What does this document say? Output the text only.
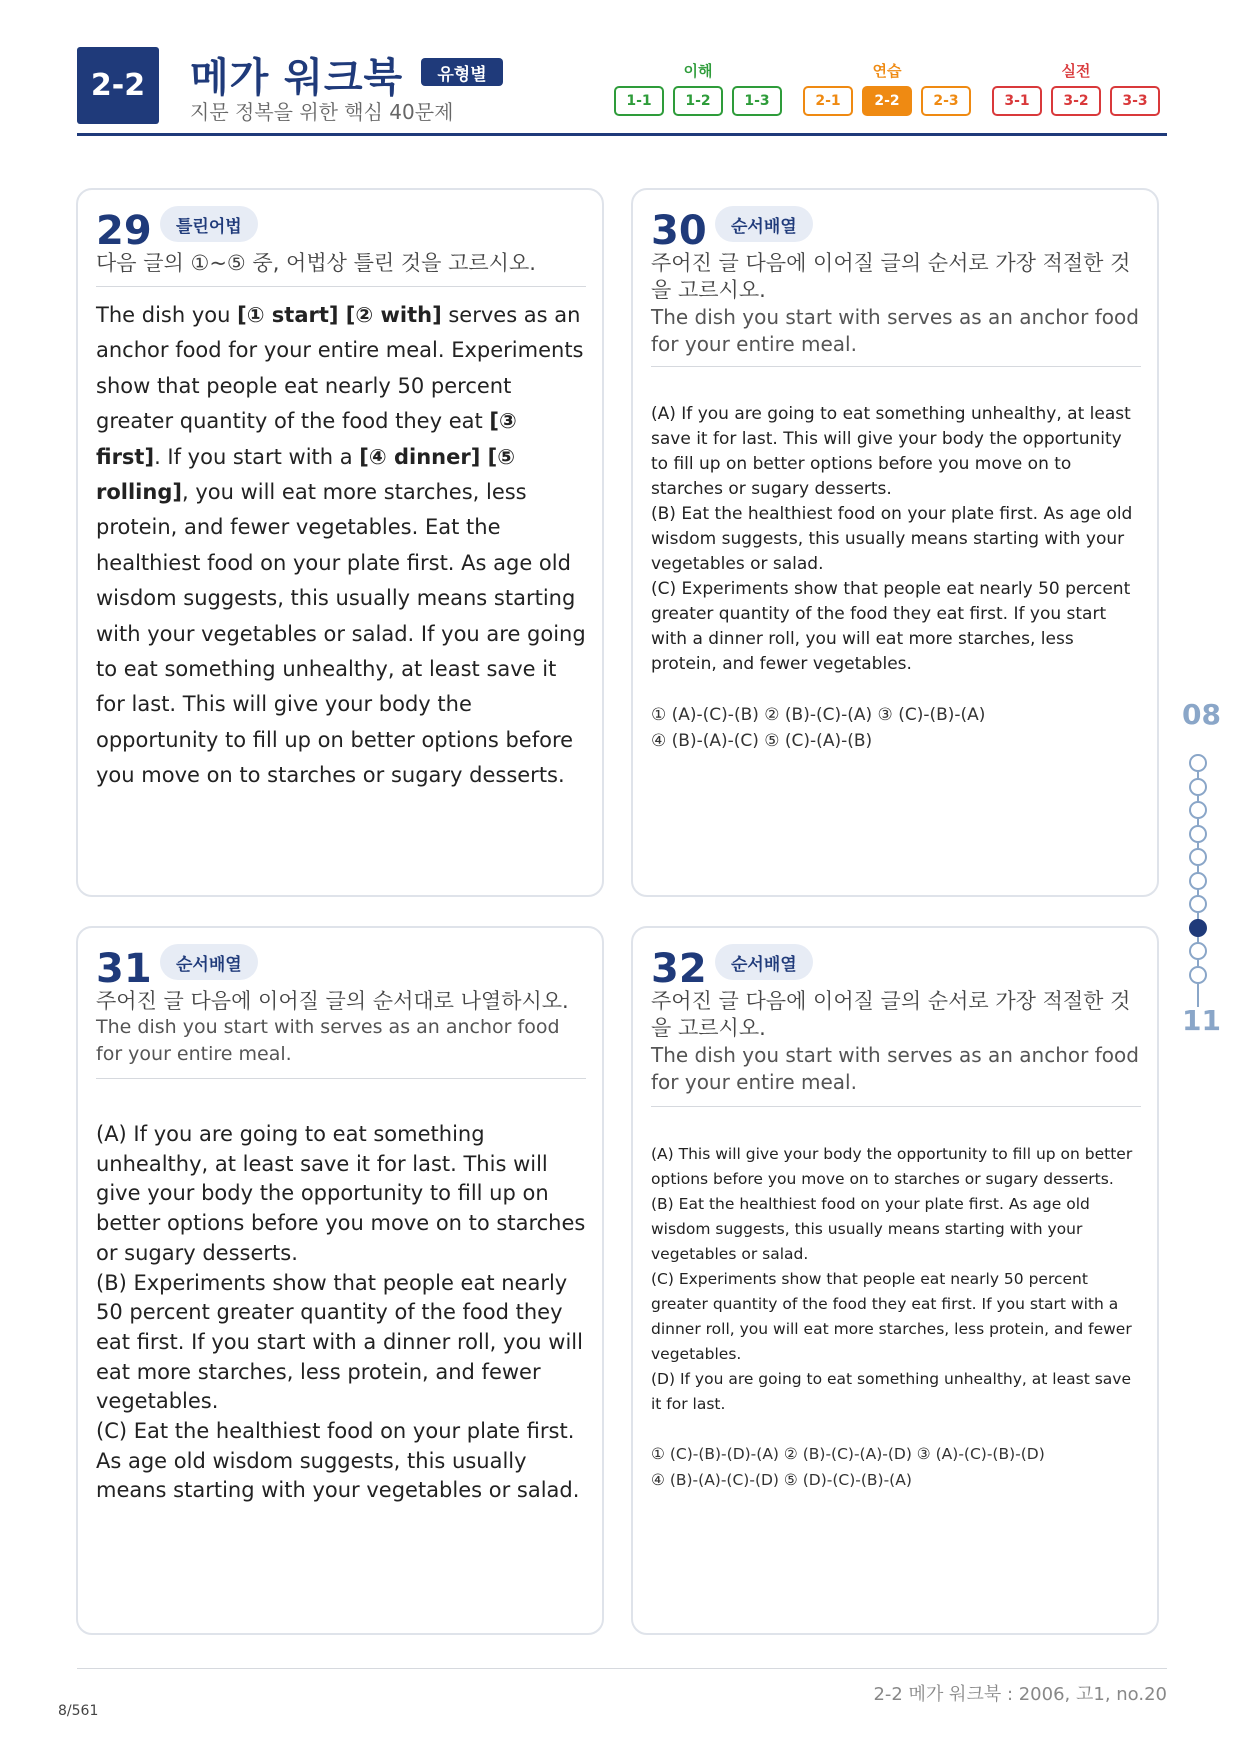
2-2	메가 워크북	유형별
지문 정복을 위한 핵심 40문제
이해
1-1	1-2	1-3
연습
2-1	2-2	2-3
실전
3-1	3-2	3-3
29	틀린어법
다음 글의 ①~⑤ 중, 어법상 틀린 것을 고르시오.
The dish you [① start] [② with] serves as an anchor food for your entire meal. Experiments show that people eat nearly 50 percent greater quantity of the food they eat [③ first]. If you start with a [④ dinner] [⑤ rolling], you will eat more starches, less protein, and fewer vegetables. Eat the healthiest food on your plate first. As age old wisdom suggests, this usually means starting with your vegetables or salad. If you are going to eat something unhealthy, at least save it for last. This will give your body the opportunity to fill up on better options before you move on to starches or sugary desserts.
30	순서배열
주어진 글 다음에 이어질 글의 순서로 가장 적절한 것을 고르시오.
The dish you start with serves as an anchor food for your entire meal.
(A) If you are going to eat something unhealthy, at least save it for last. This will give your body the opportunity to fill up on better options before you move on to starches or sugary desserts.
(B) Eat the healthiest food on your plate first. As age old wisdom suggests, this usually means starting with your vegetables or salad.
(C) Experiments show that people eat nearly 50 percent greater quantity of the food they eat first. If you start with a dinner roll, you will eat more starches, less protein, and fewer vegetables.
① (A)-(C)-(B) ② (B)-(C)-(A) ③ (C)-(B)-(A)
④ (B)-(A)-(C) ⑤ (C)-(A)-(B)
31	순서배열
주어진 글 다음에 이어질 글의 순서대로 나열하시오.
The dish you start with serves as an anchor food for your entire meal.
(A) If you are going to eat something unhealthy, at least save it for last. This will give your body the opportunity to fill up on better options before you move on to starches or sugary desserts.
(B) Experiments show that people eat nearly 50 percent greater quantity of the food they eat first. If you start with a dinner roll, you will eat more starches, less protein, and fewer vegetables.
(C) Eat the healthiest food on your plate first. As age old wisdom suggests, this usually means starting with your vegetables or salad.
32	순서배열
주어진 글 다음에 이어질 글의 순서로 가장 적절한 것을 고르시오.
The dish you start with serves as an anchor food for your entire meal.
(A) This will give your body the opportunity to fill up on better options before you move on to starches or sugary desserts.
(B) Eat the healthiest food on your plate first. As age old wisdom suggests, this usually means starting with your vegetables or salad.
(C) Experiments show that people eat nearly 50 percent greater quantity of the food they eat first. If you start with a dinner roll, you will eat more starches, less protein, and fewer vegetables.
(D) If you are going to eat something unhealthy, at least save it for last.
① (C)-(B)-(D)-(A) ② (B)-(C)-(A)-(D) ③ (A)-(C)-(B)-(D)
④ (B)-(A)-(C)-(D) ⑤ (D)-(C)-(B)-(A)
08
11
2-2 메가 워크북 : 2006, 고1, no.20
8/561
